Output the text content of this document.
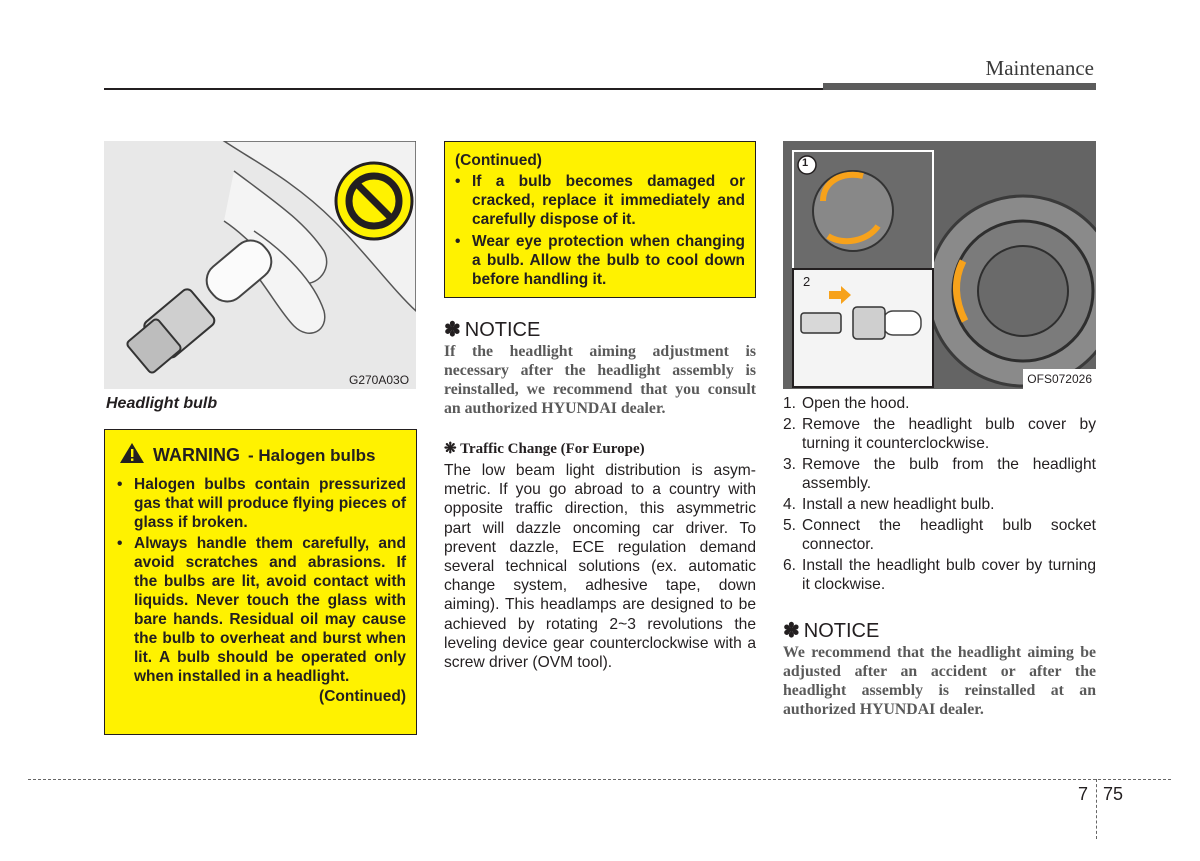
Maintenance
G270A03O
Headlight bulb
WARNING - Halogen bulbs
• Halogen bulbs contain pressurized gas that will produce flying pieces of glass if broken.
• Always handle them carefully, and avoid scratches and abrasions. If the bulbs are lit, avoid contact with liquids. Never touch the glass with bare hands. Residual oil may cause the bulb to overheat and burst when lit. A bulb should be operated only when installed in a headlight.
(Continued)
(Continued)
• If a bulb becomes damaged or cracked, replace it immediately and carefully dispose of it.
• Wear eye protection when changing a bulb. Allow the bulb to cool down before handling it.
✽ NOTICE
If the headlight aiming adjustment is necessary after the headlight assembly is reinstalled, we recommend that you consult an authorized HYUNDAI dealer.
❋ Traffic Change (For Europe)
The low beam light distribution is asymmetric. If you go abroad to a country with opposite traffic direction, this asymmetric part will dazzle oncoming car driver. To prevent dazzle, ECE regulation demand several technical solutions (ex. automatic change system, adhesive tape, down aiming). This headlamps are designed to be achieved by rotating 2~3 revolutions the leveling device gear counterclockwise with a screw driver (OVM tool).
1
2
OFS072026
1. Open the hood.
2. Remove the headlight bulb cover by turning it counterclockwise.
3. Remove the bulb from the headlight assembly.
4. Install a new headlight bulb.
5. Connect the headlight bulb socket connector.
6. Install the headlight bulb cover by turning it clockwise.
✽ NOTICE
We recommend that the headlight aiming be adjusted after an accident or after the headlight assembly is reinstalled at an authorized HYUNDAI dealer.
7 75
